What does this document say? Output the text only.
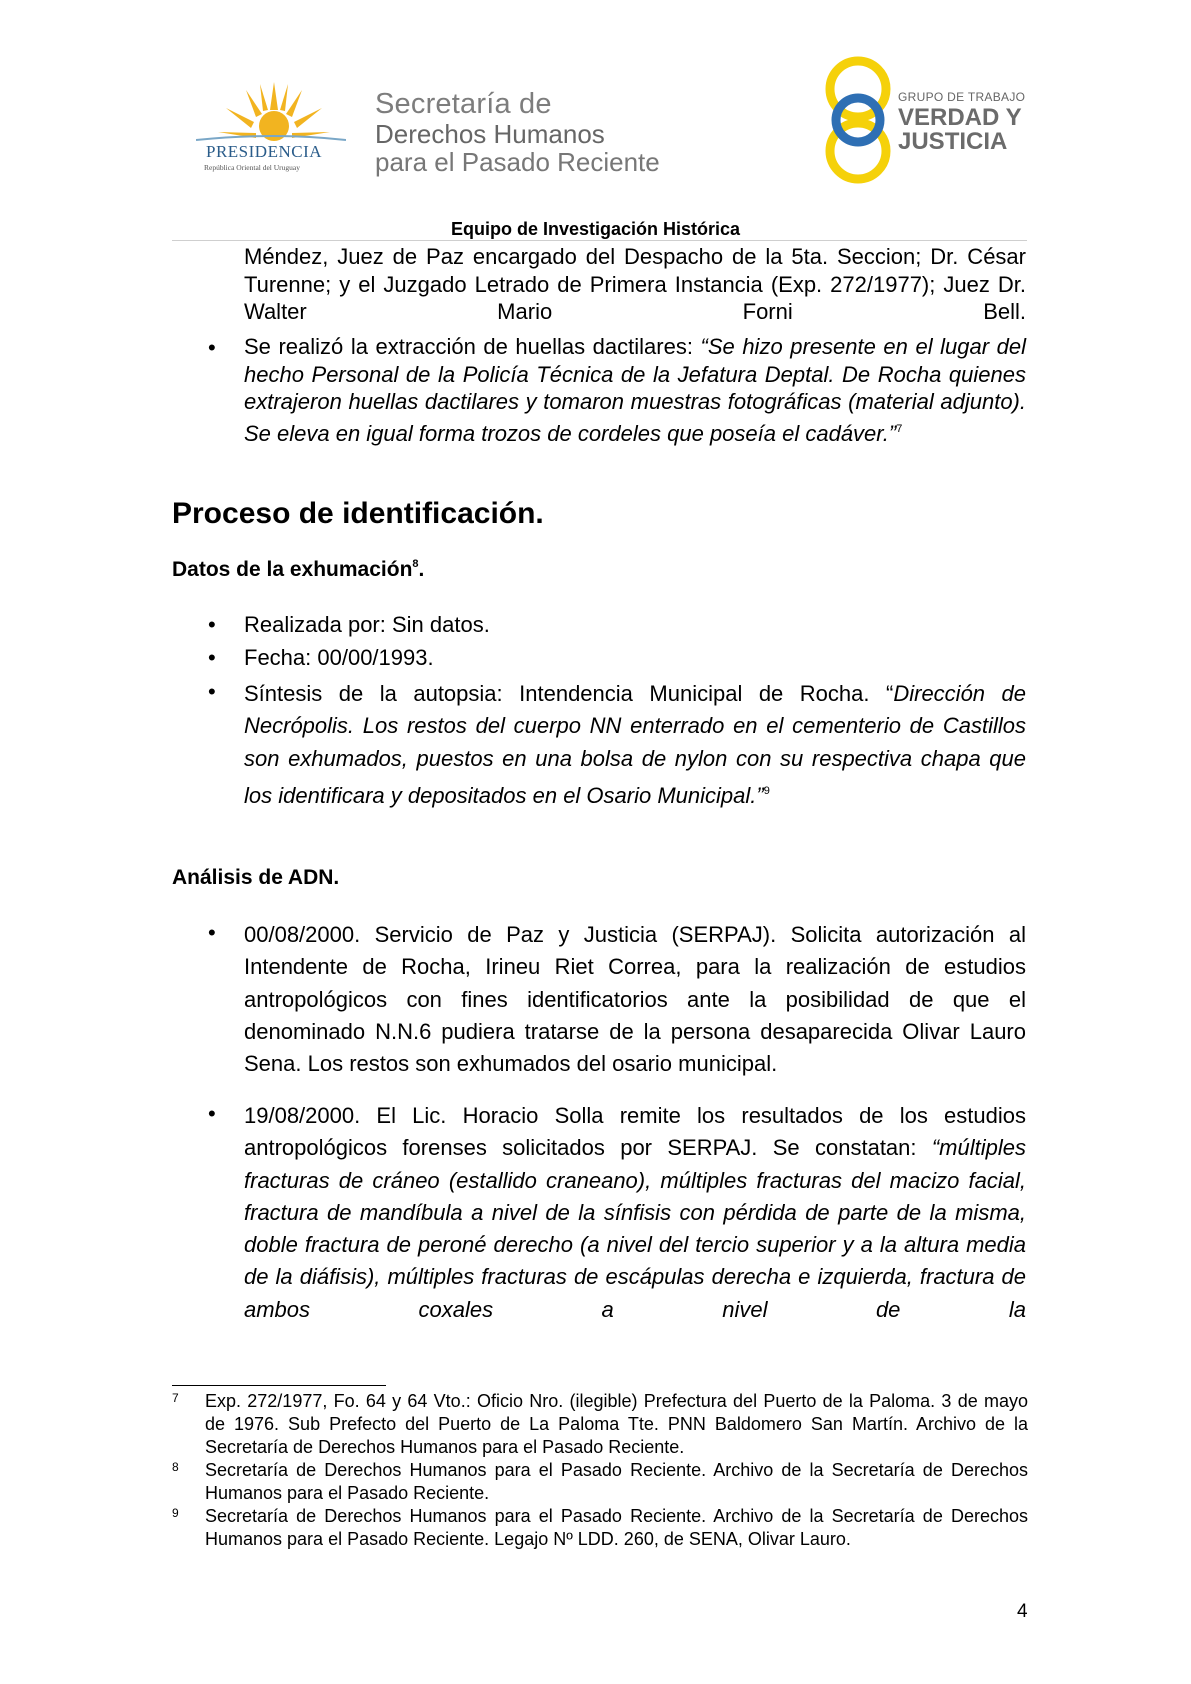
PRESIDENCIA
República Oriental del Uruguay
Secretaría de
Derechos Humanos
para el Pasado Reciente
GRUPO DE TRABAJO
VERDAD Y
JUSTICIA
Equipo de Investigación Histórica
Méndez, Juez de Paz encargado del Despacho de la 5ta. Seccion; Dr. César Turenne; y el Juzgado Letrado de Primera Instancia (Exp. 272/1977); Juez Dr. Walter Mario Forni Bell.
• Se realizó la extracción de huellas dactilares: “Se hizo presente en el lugar del hecho Personal de la Policía Técnica de la Jefatura Deptal. De Rocha quienes extrajeron huellas dactilares y tomaron muestras fotográficas (material adjunto). Se eleva en igual forma trozos de cordeles que poseía el cadáver.”$^7$
Proceso de identificación.
Datos de la exhumación$^8$.
• Realizada por: Sin datos.
• Fecha: 00/00/1993.
• Síntesis de la autopsia: Intendencia Municipal de Rocha. “Dirección de Necrópolis. Los restos del cuerpo NN enterrado en el cementerio de Castillos son exhumados, puestos en una bolsa de nylon con su respectiva chapa que los identificara y depositados en el Osario Municipal.”$^9$
Análisis de ADN.
• 00/08/2000. Servicio de Paz y Justicia (SERPAJ). Solicita autorización al Intendente de Rocha, Irineu Riet Correa, para la realización de estudios antropológicos con fines identificatorios ante la posibilidad de que el denominado N.N.6 pudiera tratarse de la persona desaparecida Olivar Lauro Sena. Los restos son exhumados del osario municipal.
• 19/08/2000. El Lic. Horacio Solla remite los resultados de los estudios antropológicos forenses solicitados por SERPAJ. Se constatan: “múltiples fracturas de cráneo (estallido craneano), múltiples fracturas del macizo facial, fractura de mandíbula a nivel de la sínfisis con pérdida de parte de la misma, doble fractura de peroné derecho (a nivel del tercio superior y a la altura media de la diáfisis), múltiples fracturas de escápulas derecha e izquierda, fractura de ambos coxales a nivel de la
7 Exp. 272/1977, Fo. 64 y 64 Vto.: Oficio Nro. (ilegible) Prefectura del Puerto de la Paloma. 3 de mayo de 1976. Sub Prefecto del Puerto de La Paloma Tte. PNN Baldomero San Martín. Archivo de la Secretaría de Derechos Humanos para el Pasado Reciente.
8 Secretaría de Derechos Humanos para el Pasado Reciente. Archivo de la Secretaría de Derechos Humanos para el Pasado Reciente.
9 Secretaría de Derechos Humanos para el Pasado Reciente. Archivo de la Secretaría de Derechos Humanos para el Pasado Reciente. Legajo Nº LDD. 260, de SENA, Olivar Lauro.
4
